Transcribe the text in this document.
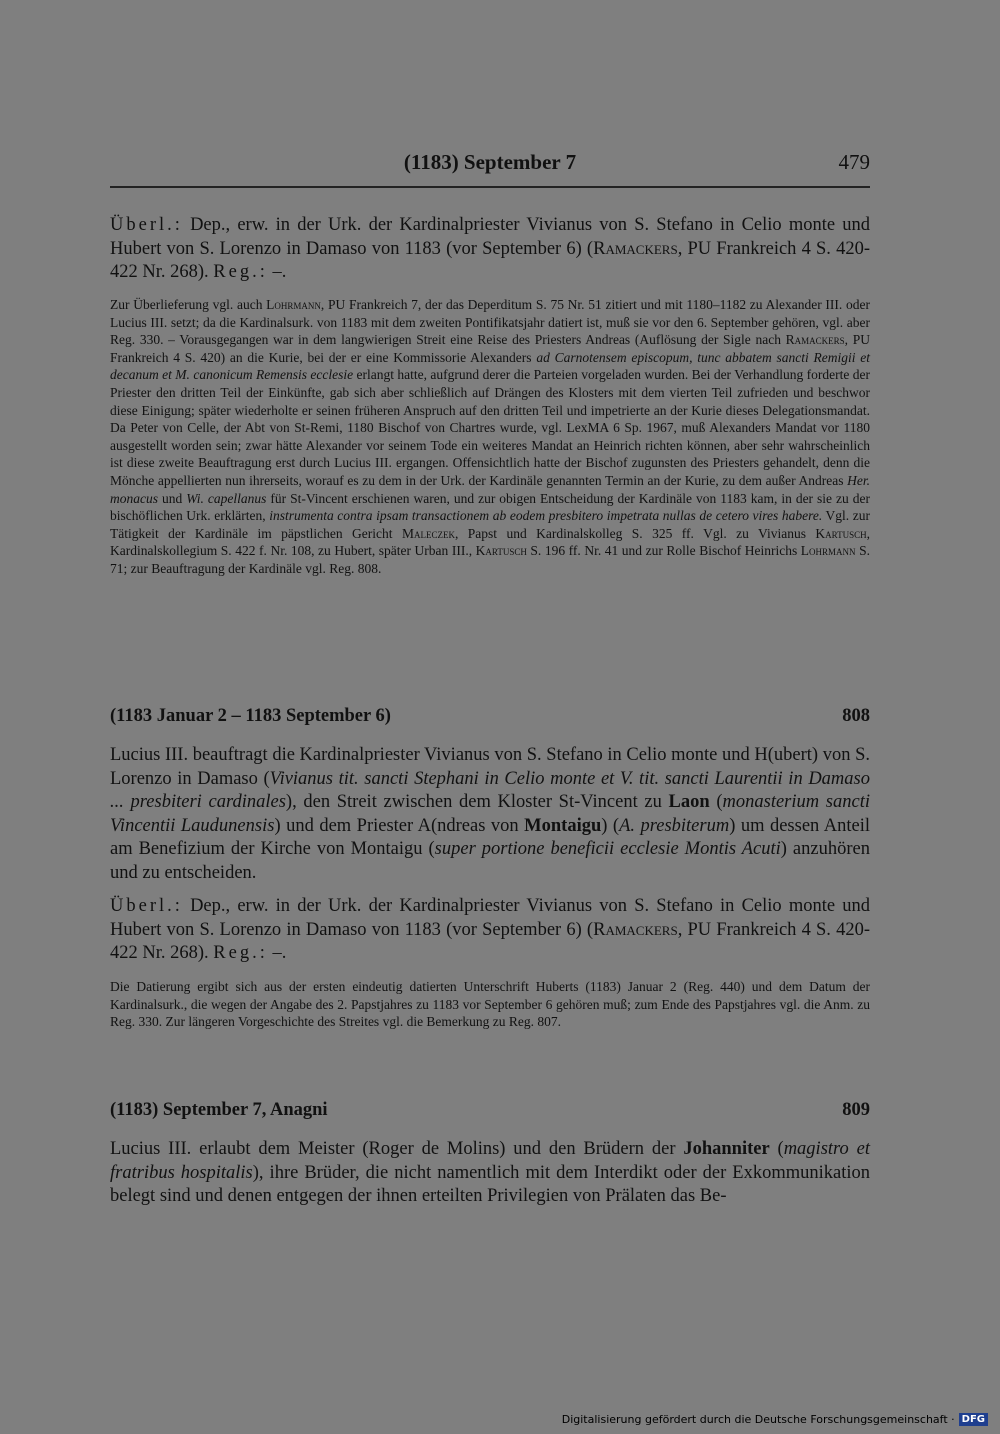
(1183) September 7	479

Überl.: Dep., erw. in der Urk. der Kardinalpriester Vivianus von S. Stefano in Celio monte und Hubert von S. Lorenzo in Damaso von 1183 (vor September 6) (Ramackers, PU Frankreich 4 S. 420-422 Nr. 268). Reg.: –.

Zur Überlieferung vgl. auch Lohrmann, PU Frankreich 7, der das Deperditum S. 75 Nr. 51 zitiert und mit 1180–1182 zu Alexander III. oder Lucius III. setzt; da die Kardinalsurk. von 1183 mit dem zweiten Pontifikatsjahr datiert ist, muß sie vor den 6. September gehören, vgl. aber Reg. 330. – Vorausgegangen war in dem langwierigen Streit eine Reise des Priesters Andreas (Auflösung der Sigle nach Ramackers, PU Frankreich 4 S. 420) an die Kurie, bei der er eine Kommissorie Alexanders ad Carnotensem episcopum, tunc abbatem sancti Remigii et decanum et M. canonicum Remensis ecclesie erlangt hatte, aufgrund derer die Parteien vorgeladen wurden. Bei der Verhandlung forderte der Priester den dritten Teil der Einkünfte, gab sich aber schließlich auf Drängen des Klosters mit dem vierten Teil zufrieden und beschwor diese Einigung; später wiederholte er seinen früheren Anspruch auf den dritten Teil und impetrierte an der Kurie dieses Delegationsmandat. Da Peter von Celle, der Abt von St-Remi, 1180 Bischof von Chartres wurde, vgl. LexMA 6 Sp. 1967, muß Alexanders Mandat vor 1180 ausgestellt worden sein; zwar hätte Alexander vor seinem Tode ein weiteres Mandat an Heinrich richten können, aber sehr wahrscheinlich ist diese zweite Beauftragung erst durch Lucius III. ergangen. Offensichtlich hatte der Bischof zugunsten des Priesters gehandelt, denn die Mönche appellierten nun ihrerseits, worauf es zu dem in der Urk. der Kardinäle genannten Termin an der Kurie, zu dem außer Andreas Her. monacus und Wi. capellanus für St-Vincent erschienen waren, und zur obigen Entscheidung der Kardinäle von 1183 kam, in der sie zu der bischöflichen Urk. erklärten, instrumenta contra ipsam transactionem ab eodem presbitero impetrata nullas de cetero vires habere. Vgl. zur Tätigkeit der Kardinäle im päpstlichen Gericht Maleczek, Papst und Kardinalskolleg S. 325 ff. Vgl. zu Vivianus Kartusch, Kardinalskollegium S. 422 f. Nr. 108, zu Hubert, später Urban III., Kartusch S. 196 ff. Nr. 41 und zur Rolle Bischof Heinrichs Lohrmann S. 71; zur Beauftragung der Kardinäle vgl. Reg. 808.

(1183 Januar 2 – 1183 September 6)	808

Lucius III. beauftragt die Kardinalpriester Vivianus von S. Stefano in Celio monte und H(ubert) von S. Lorenzo in Damaso (Vivianus tit. sancti Stephani in Celio monte et V. tit. sancti Laurentii in Damaso ... presbiteri cardinales), den Streit zwischen dem Kloster St-Vincent zu Laon (monasterium sancti Vincentii Laudunensis) und dem Priester A(ndreas von Montaigu) (A. presbiterum) um dessen Anteil am Benefizium der Kirche von Montaigu (super portione beneficii ecclesie Montis Acuti) anzuhören und zu entscheiden.

Überl.: Dep., erw. in der Urk. der Kardinalpriester Vivianus von S. Stefano in Celio monte und Hubert von S. Lorenzo in Damaso von 1183 (vor September 6) (Ramackers, PU Frankreich 4 S. 420-422 Nr. 268). Reg.: –.

Die Datierung ergibt sich aus der ersten eindeutig datierten Unterschrift Huberts (1183) Januar 2 (Reg. 440) und dem Datum der Kardinalsurk., die wegen der Angabe des 2. Papstjahres zu 1183 vor September 6 gehören muß; zum Ende des Papstjahres vgl. die Anm. zu Reg. 330. Zur längeren Vorgeschichte des Streites vgl. die Bemerkung zu Reg. 807.

(1183) September 7, Anagni	809

Lucius III. erlaubt dem Meister (Roger de Molins) und den Brüdern der Johanniter (magistro et fratribus hospitalis), ihre Brüder, die nicht namentlich mit dem Interdikt oder der Exkommunikation belegt sind und denen entgegen der ihnen erteilten Privilegien von Prälaten das Be-

Digitalisierung gefördert durch die Deutsche Forschungsgemeinschaft · DFG
